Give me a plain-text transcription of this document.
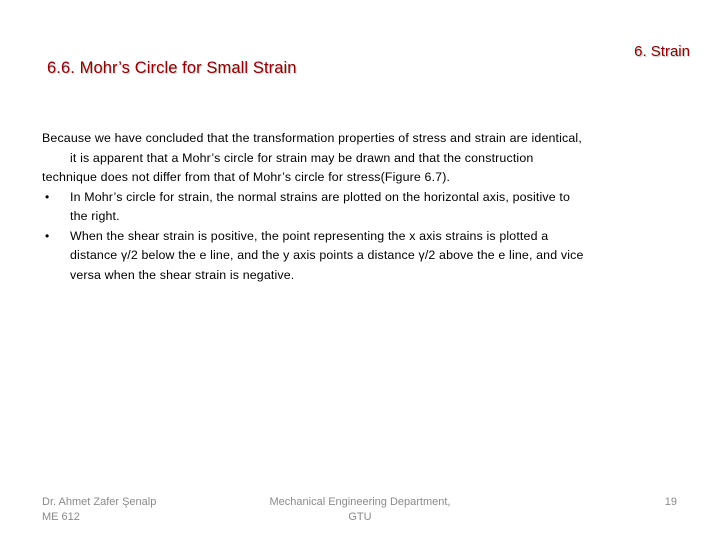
6.6. Mohr’s Circle for Small Strain
6. Strain

Because we have concluded that the transformation properties of stress and strain are identical,
it is apparent that a Mohr’s circle for strain may be drawn and that the construction
technique does not differ from that of Mohr’s circle for stress(Figure 6.7).

• In Mohr’s circle for strain, the normal strains are plotted on the horizontal axis, positive to
the right.
• When the shear strain is positive, the point representing the x axis strains is plotted a
distance γ/2 below the e line, and the y axis points a distance γ/2 above the e line, and vice
versa when the shear strain is negative.
Dr. Ahmet Zafer Şenalp
ME 612
Mechanical Engineering Department,
GTU
19
